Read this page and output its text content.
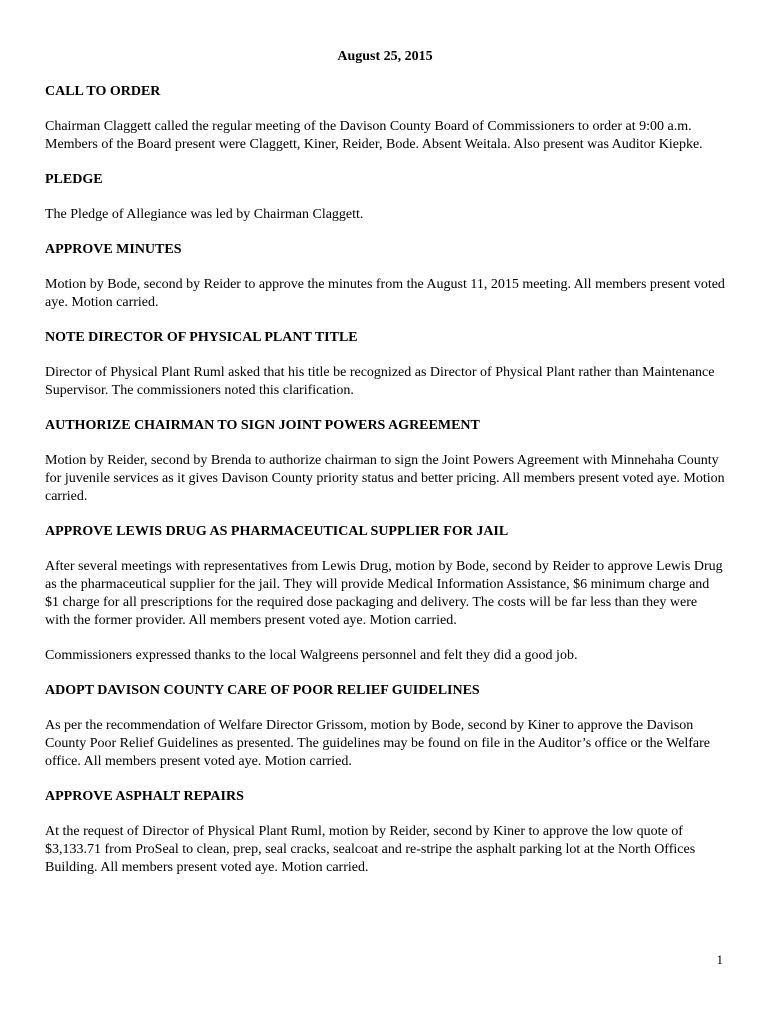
August 25, 2015
CALL TO ORDER

Chairman Claggett called the regular meeting of the Davison County Board of Commissioners to order at 9:00 a.m. Members of the Board present were Claggett, Kiner, Reider, Bode. Absent Weitala. Also present was Auditor Kiepke.

PLEDGE

The Pledge of Allegiance was led by Chairman Claggett.

APPROVE MINUTES

Motion by Bode, second by Reider to approve the minutes from the August 11, 2015 meeting. All members present voted aye. Motion carried.

NOTE DIRECTOR OF PHYSICAL PLANT TITLE

Director of Physical Plant Ruml asked that his title be recognized as Director of Physical Plant rather than Maintenance Supervisor. The commissioners noted this clarification.

AUTHORIZE CHAIRMAN TO SIGN JOINT POWERS AGREEMENT

Motion by Reider, second by Brenda to authorize chairman to sign the Joint Powers Agreement with Minnehaha County for juvenile services as it gives Davison County priority status and better pricing. All members present voted aye. Motion carried.

APPROVE LEWIS DRUG AS PHARMACEUTICAL SUPPLIER FOR JAIL

After several meetings with representatives from Lewis Drug, motion by Bode, second by Reider to approve Lewis Drug as the pharmaceutical supplier for the jail. They will provide Medical Information Assistance, $6 minimum charge and $1 charge for all prescriptions for the required dose packaging and delivery. The costs will be far less than they were with the former provider. All members present voted aye. Motion carried.

Commissioners expressed thanks to the local Walgreens personnel and felt they did a good job.

ADOPT DAVISON COUNTY CARE OF POOR RELIEF GUIDELINES

As per the recommendation of Welfare Director Grissom, motion by Bode, second by Kiner to approve the Davison County Poor Relief Guidelines as presented. The guidelines may be found on file in the Auditor’s office or the Welfare office. All members present voted aye. Motion carried.

APPROVE ASPHALT REPAIRS

At the request of Director of Physical Plant Ruml, motion by Reider, second by Kiner to approve the low quote of $3,133.71 from ProSeal to clean, prep, seal cracks, sealcoat and re-stripe the asphalt parking lot at the North Offices Building. All members present voted aye. Motion carried.

1
